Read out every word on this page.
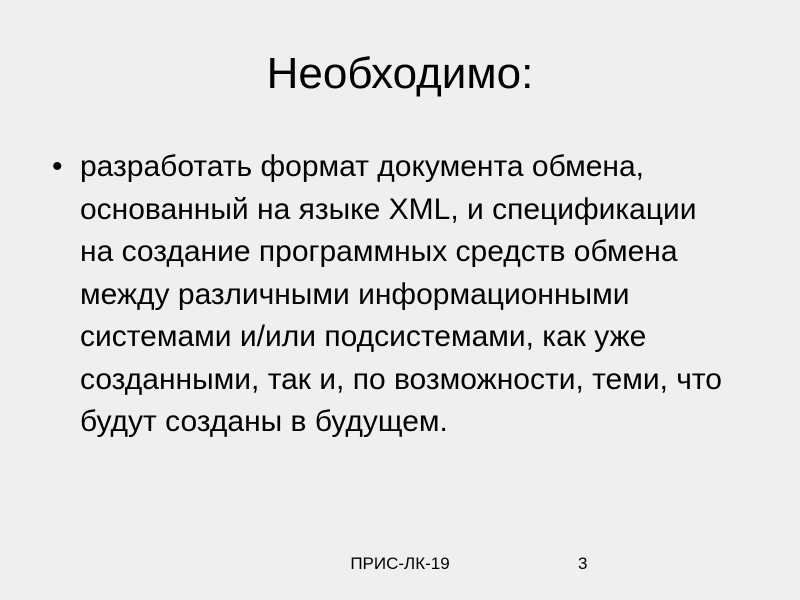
Необходимо:
• разработать формат документа обмена, основанный на языке XML, и спецификации на создание программных средств обмена между различными информационными системами и/или подсистемами, как уже созданными, так и, по возможности, теми, что будут созданы в будущем.
ПРИС-ЛК-19	3
